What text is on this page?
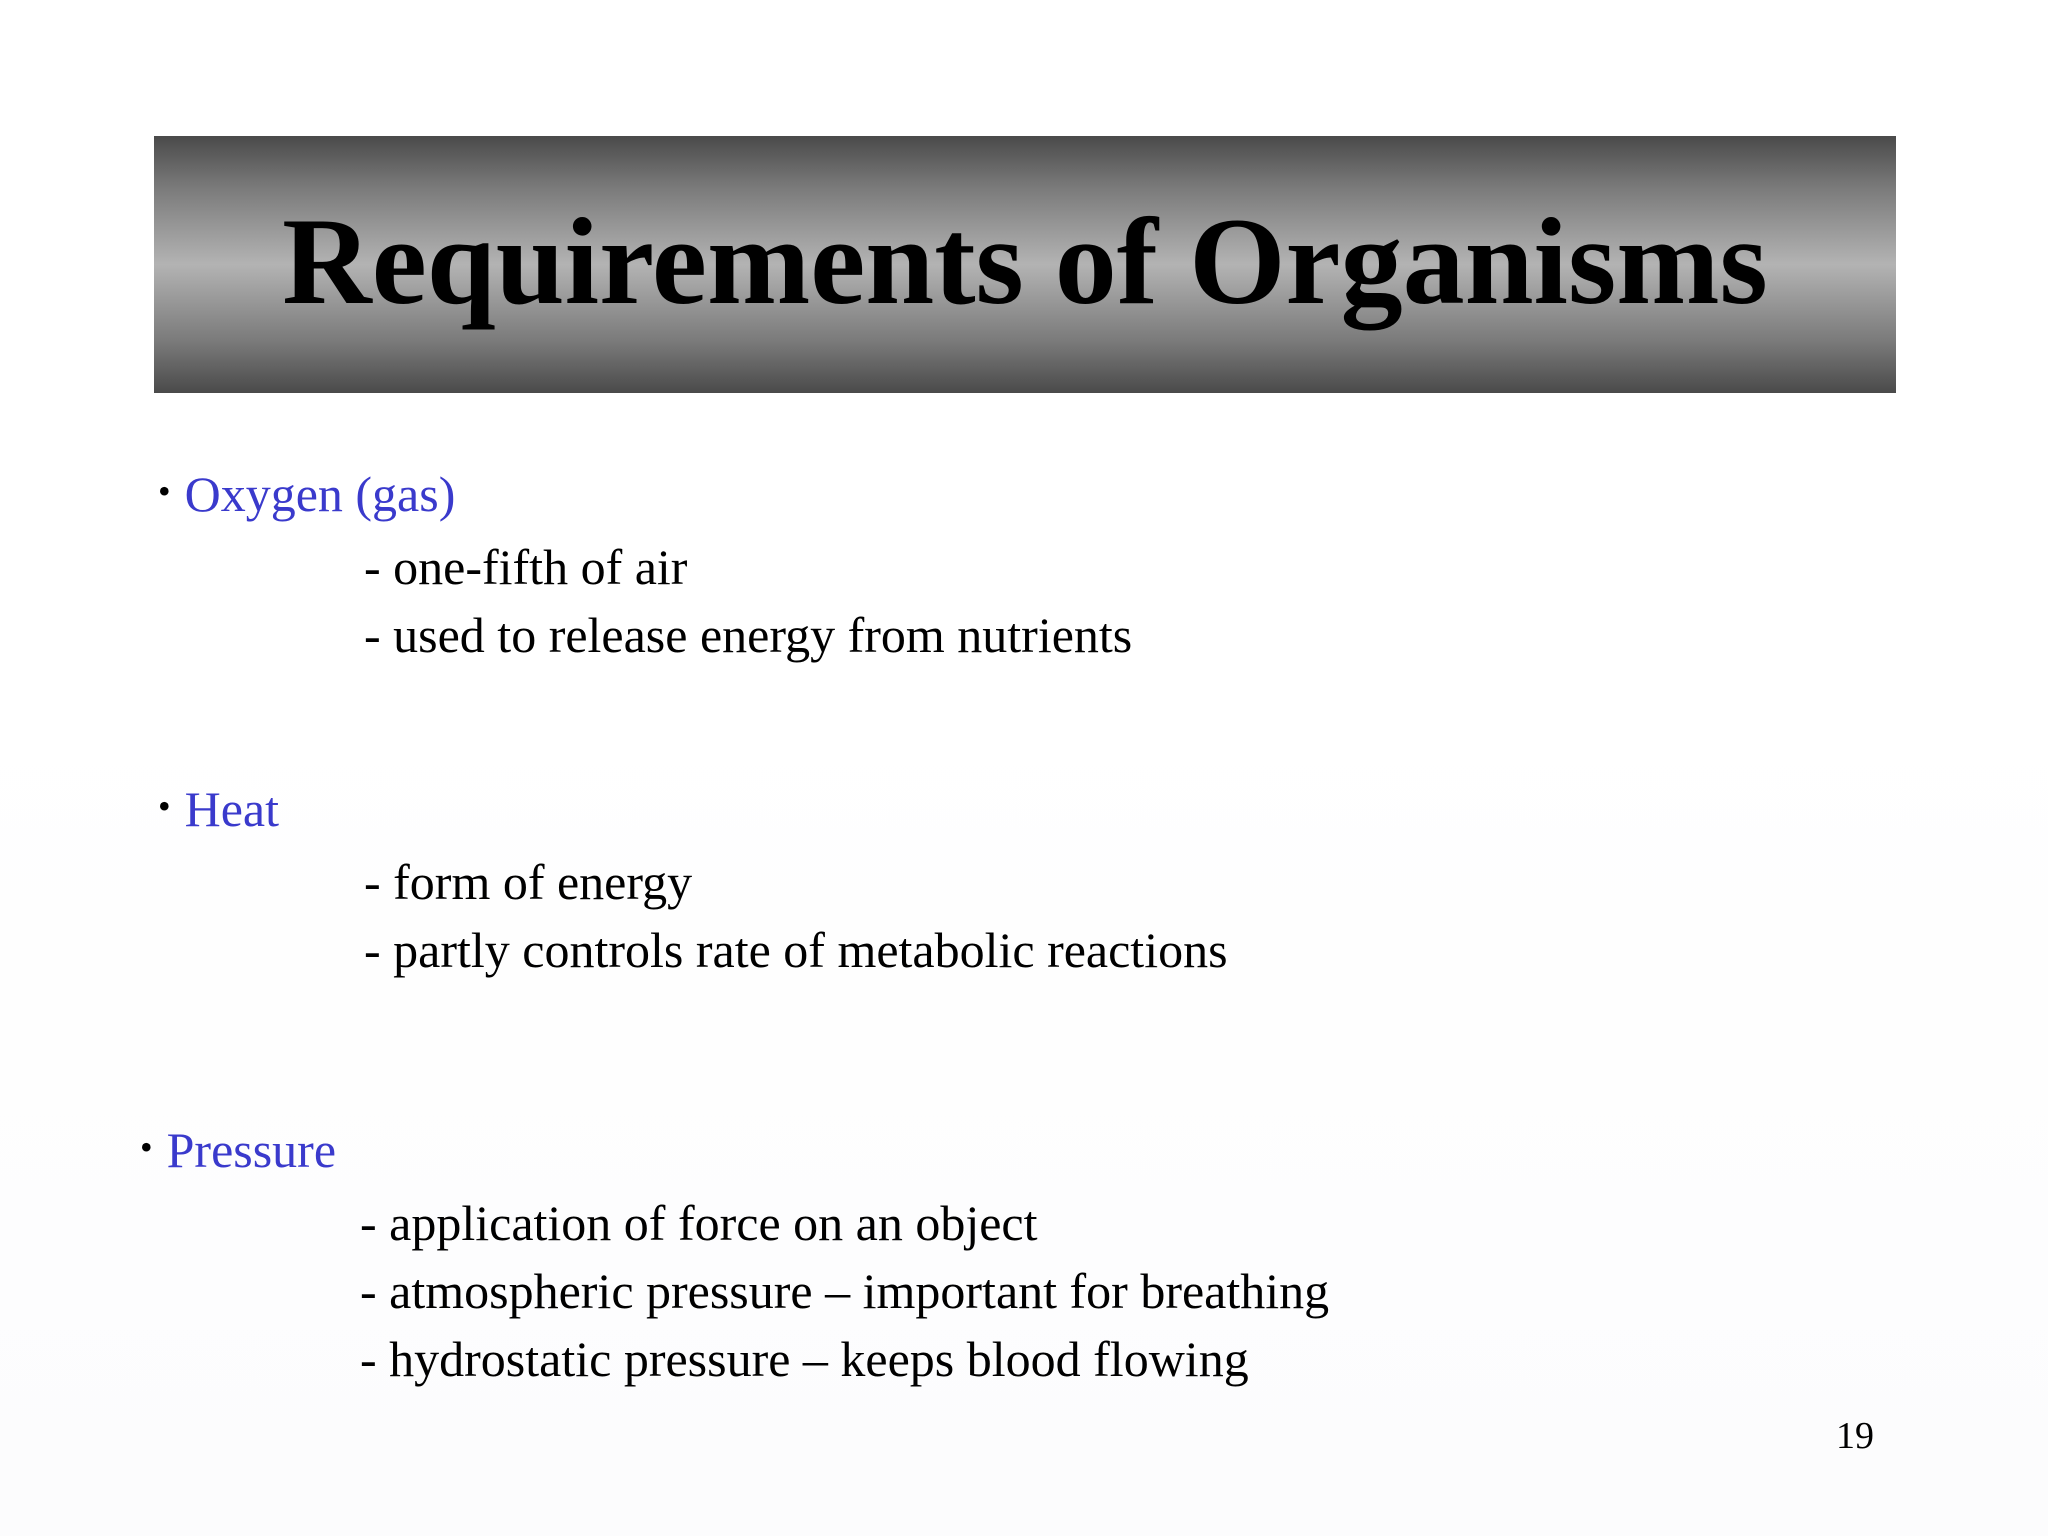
Requirements of Organisms
• Oxygen (gas)
- one-fifth of air
- used to release energy from nutrients
• Heat
- form of energy
- partly controls rate of metabolic reactions
• Pressure
- application of force on an object
- atmospheric pressure – important for breathing
- hydrostatic pressure – keeps blood flowing
19
